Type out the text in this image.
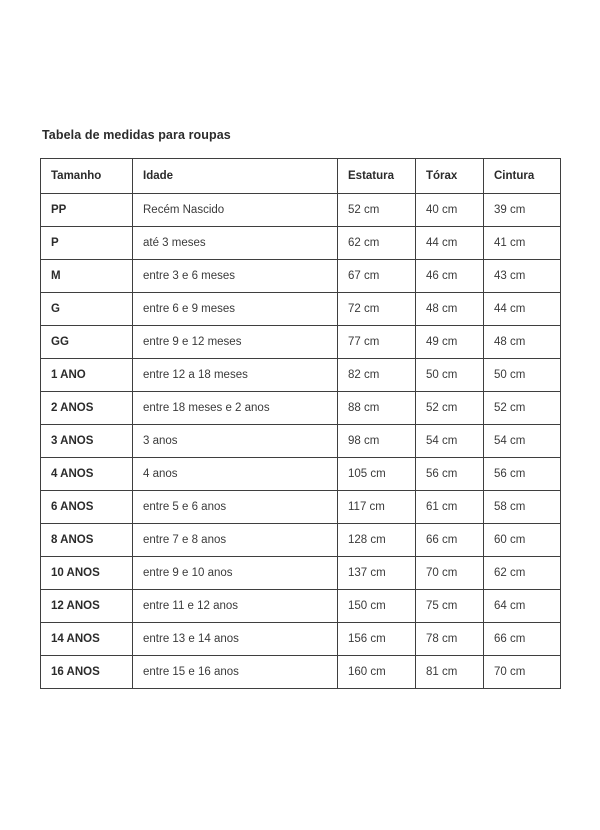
Tabela de medidas para roupas
Tamanho	Idade	Estatura	Tórax	Cintura
PP	Recém Nascido	52 cm	40 cm	39 cm
P	até 3 meses	62 cm	44 cm	41 cm
M	entre 3 e 6 meses	67 cm	46 cm	43 cm
G	entre 6 e 9 meses	72 cm	48 cm	44 cm
GG	entre 9 e 12 meses	77 cm	49 cm	48 cm
1 ANO	entre 12 a 18 meses	82 cm	50 cm	50 cm
2 ANOS	entre 18 meses e 2 anos	88 cm	52 cm	52 cm
3 ANOS	3 anos	98 cm	54 cm	54 cm
4 ANOS	4 anos	105 cm	56 cm	56 cm
6 ANOS	entre 5 e 6 anos	117 cm	61 cm	58 cm
8 ANOS	entre 7 e 8 anos	128 cm	66 cm	60 cm
10 ANOS	entre 9 e 10 anos	137 cm	70 cm	62 cm
12 ANOS	entre 11 e 12 anos	150 cm	75 cm	64 cm
14 ANOS	entre 13 e 14 anos	156 cm	78 cm	66 cm
16 ANOS	entre 15 e 16 anos	160 cm	81 cm	70 cm
